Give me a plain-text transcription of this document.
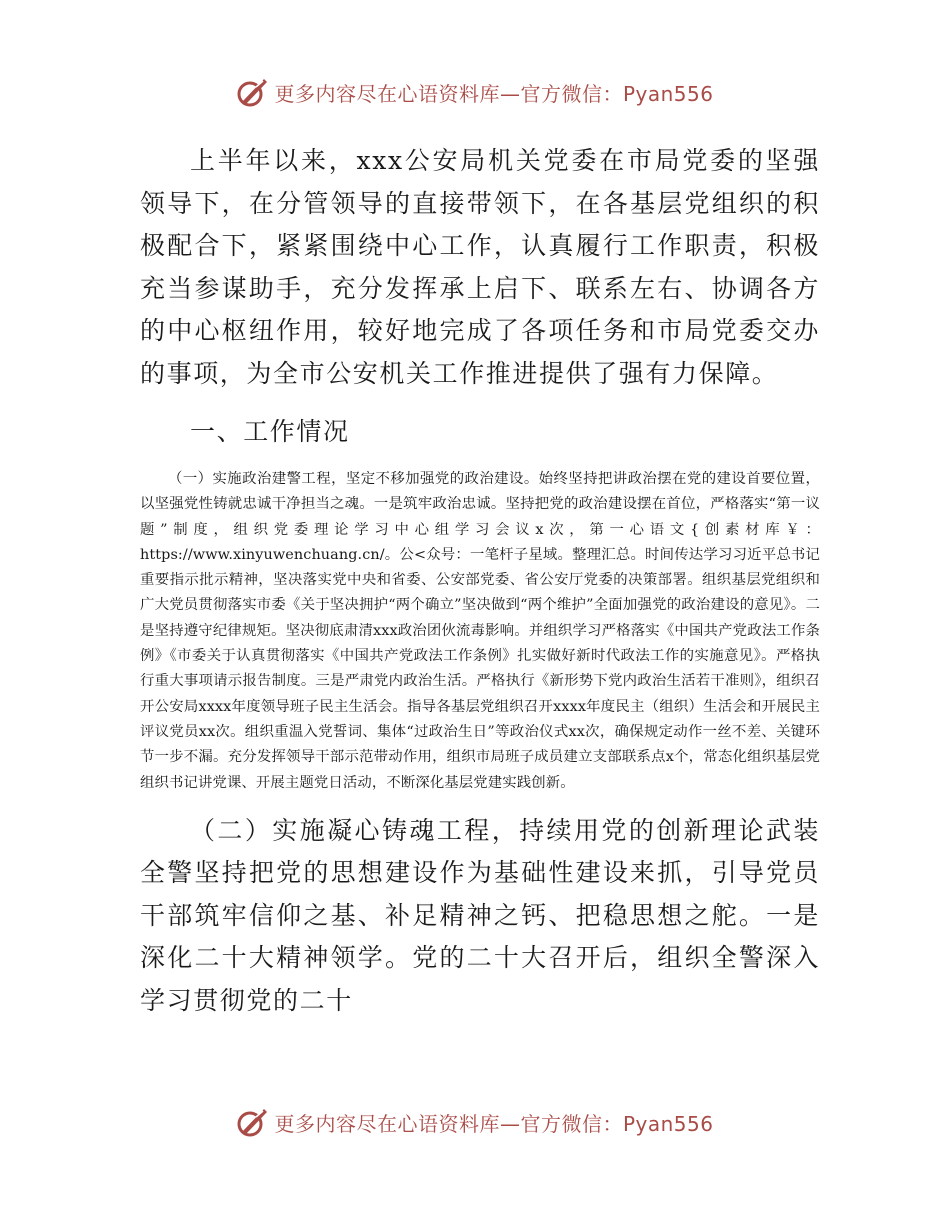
更多内容尽在心语资料库—官方微信：Pyan556

上半年以来，xxx公安局机关党委在市局党委的坚强领导下，在分管领导的直接带领下，在各基层党组织的积极配合下，紧紧围绕中心工作，认真履行工作职责，积极充当参谋助手，充分发挥承上启下、联系左右、协调各方的中心枢纽作用，较好地完成了各项任务和市局党委交办的事项，为全市公安机关工作推进提供了强有力保障。

一、工作情况

（一）实施政治建警工程，坚定不移加强党的政治建设。始终坚持把讲政治摆在党的建设首要位置，以坚强党性铸就忠诚干净担当之魂。一是筑牢政治忠诚。坚持把党的政治建设摆在首位，严格落实“第一议题”制度，组织党委理论学习中心组学习会议x次，第一心语文{创素材库￥：https://www.xinyuwenchuang.cn/。公<众号：一笔杆子星域。整理汇总。时间传达学习习近平总书记重要指示批示精神，坚决落实党中央和省委、公安部党委、省公安厅党委的决策部署。组织基层党组织和广大党员贯彻落实市委《关于坚决拥护“两个确立”坚决做到“两个维护”全面加强党的政治建设的意见》。二是坚持遵守纪律规矩。坚决彻底肃清xxx政治团伙流毒影响。并组织学习严格落实《中国共产党政法工作条例》《市委关于认真贯彻落实《中国共产党政法工作条例》扎实做好新时代政法工作的实施意见》。严格执行重大事项请示报告制度。三是严肃党内政治生活。严格执行《新形势下党内政治生活若干准则》，组织召开公安局xxxx年度领导班子民主生活会。指导各基层党组织召开xxxx年度民主（组织）生活会和开展民主评议党员xx次。组织重温入党誓词、集体“过政治生日”等政治仪式xx次，确保规定动作一丝不差、关键环节一步不漏。充分发挥领导干部示范带动作用，组织市局班子成员建立支部联系点x个，常态化组织基层党组织书记讲党课、开展主题党日活动，不断深化基层党建实践创新。

（二）实施凝心铸魂工程，持续用党的创新理论武装全警坚持把党的思想建设作为基础性建设来抓，引导党员干部筑牢信仰之基、补足精神之钙、把稳思想之舵。一是深化二十大精神领学。党的二十大召开后，组织全警深入学习贯彻党的二十

更多内容尽在心语资料库—官方微信：Pyan556
